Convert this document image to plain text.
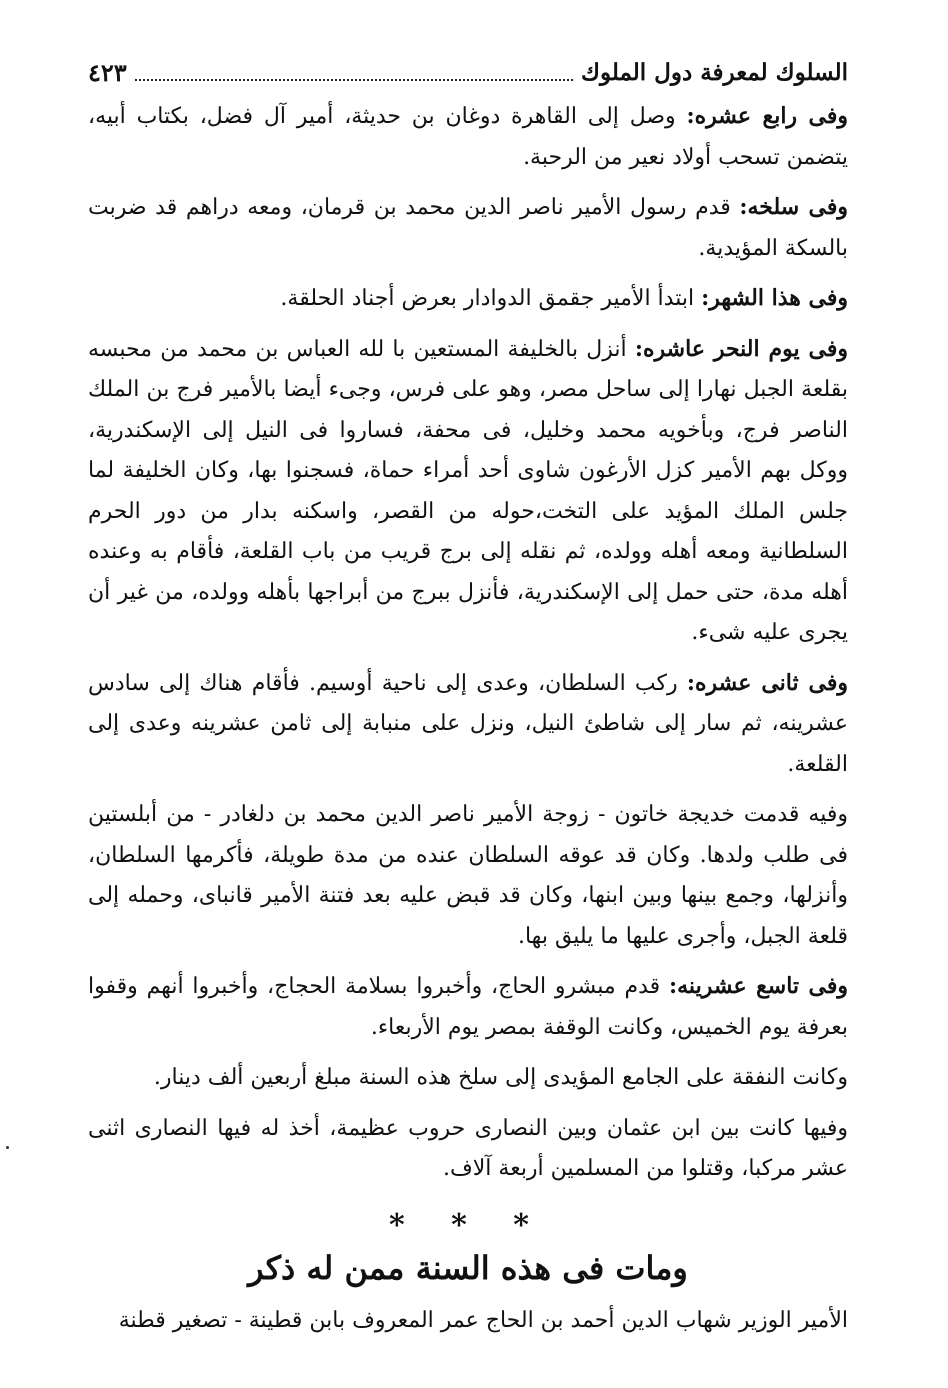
السلوك لمعرفة دول الملوك
٤٢٣

وفى رابع عشره: وصل إلى القاهرة دوغان بن حديثة، أمير آل فضل، بكتاب أبيه، يتضمن تسحب أولاد نعير من الرحبة.

وفى سلخه: قدم رسول الأمير ناصر الدين محمد بن قرمان، ومعه دراهم قد ضربت بالسكة المؤيدية.

وفى هذا الشهر: ابتدأ الأمير جقمق الدوادار بعرض أجناد الحلقة.

وفى يوم النحر عاشره: أنزل بالخليفة المستعين با لله العباس بن محمد من محبسه بقلعة الجبل نهارا إلى ساحل مصر، وهو على فرس، وجىء أيضا بالأمير فرج بن الملك الناصر فرج، وبأخويه محمد وخليل، فى محفة، فساروا فى النيل إلى الإسكندرية، ووكل بهم الأمير كزل الأرغون شاوى أحد أمراء حماة، فسجنوا بها، وكان الخليفة لما جلس الملك المؤيد على التخت،حوله من القصر، واسكنه بدار من دور الحرم السلطانية ومعه أهله وولده، ثم نقله إلى برج قريب من باب القلعة، فأقام به وعنده أهله مدة، حتى حمل إلى الإسكندرية، فأنزل ببرج من أبراجها بأهله وولده، من غير أن يجرى عليه شىء.

وفى ثانى عشره: ركب السلطان، وعدى إلى ناحية أوسيم. فأقام هناك إلى سادس عشرينه، ثم سار إلى شاطئ النيل، ونزل على منبابة إلى ثامن عشرينه وعدى إلى القلعة.

وفيه قدمت خديجة خاتون - زوجة الأمير ناصر الدين محمد بن دلغادر - من أبلستين فى طلب ولدها. وكان قد عوقه السلطان عنده من مدة طويلة، فأكرمها السلطان، وأنزلها، وجمع بينها وبين ابنها، وكان قد قبض عليه بعد فتنة الأمير قانباى، وحمله إلى قلعة الجبل، وأجرى عليها ما يليق بها.

وفى تاسع عشرينه: قدم مبشرو الحاج، وأخبروا بسلامة الحجاج، وأخبروا أنهم وقفوا بعرفة يوم الخميس، وكانت الوقفة بمصر يوم الأربعاء.

وكانت النفقة على الجامع المؤيدى إلى سلخ هذه السنة مبلغ أربعين ألف دينار.

وفيها كانت بين ابن عثمان وبين النصارى حروب عظيمة، أخذ له فيها النصارى اثنى عشر مركبا، وقتلوا من المسلمين أربعة آلاف.

* * *
ومات فى هذه السنة ممن له ذكر

الأمير الوزير شهاب الدين أحمد بن الحاج عمر المعروف بابن قطينة - تصغير قطنة
